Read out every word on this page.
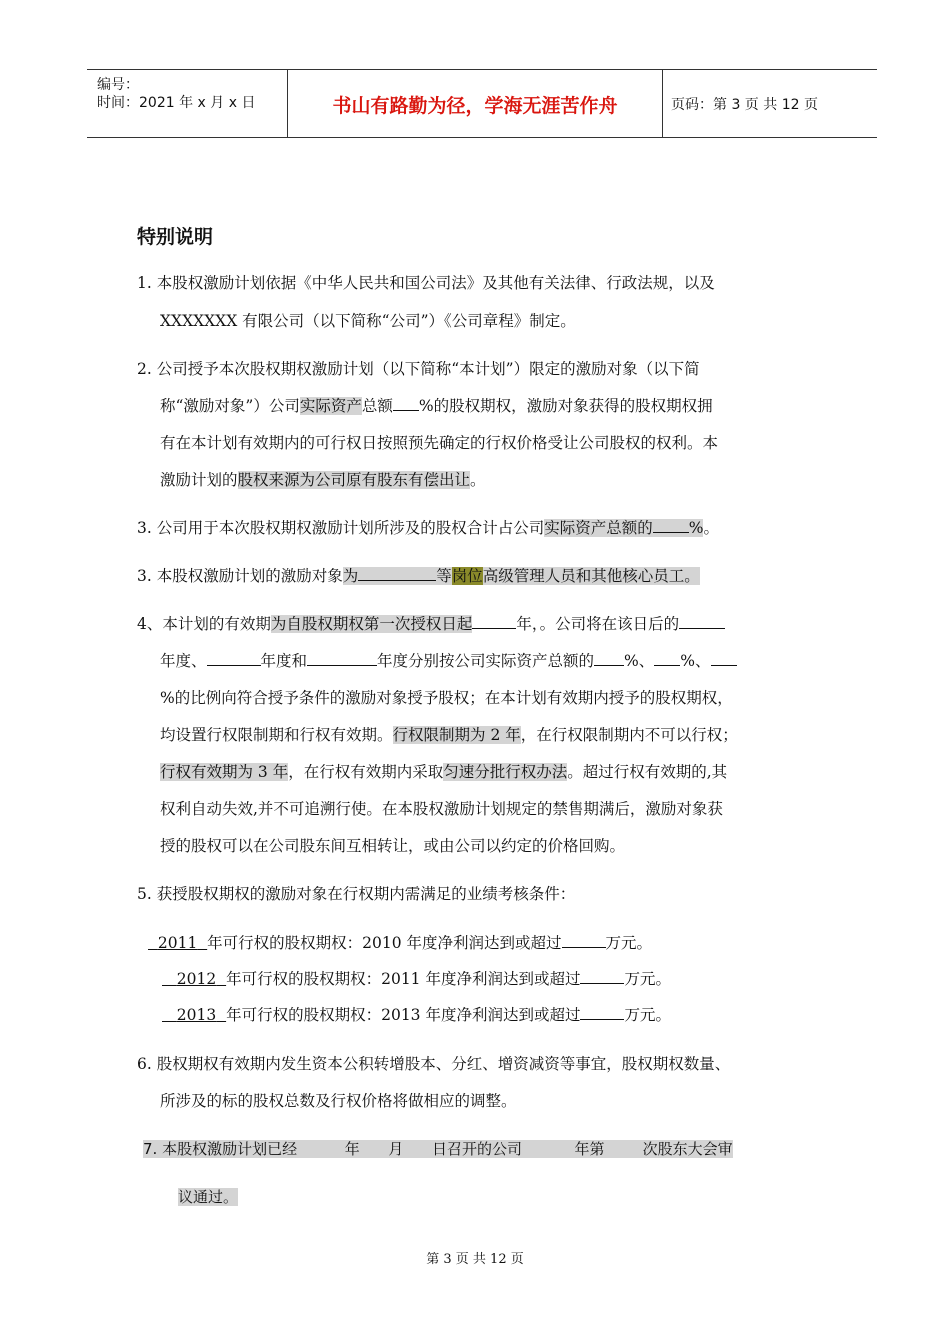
编号：
时间：2021 年 x 月 x 日	书山有路勤为径，学海无涯苦作舟	页码：第 3 页 共 12 页
特别说明
1. 本股权激励计划依据《中华人民共和国公司法》及其他有关法律、行政法规，以及
XXXXXXX 有限公司（以下简称“公司”）《公司章程》制定。
2. 公司授予本次股权期权激励计划（以下简称“本计划”）限定的激励对象（以下简
称“激励对象”）公司实际资产总额 %的股权期权，激励对象获得的股权期权拥
有在本计划有效期内的可行权日按照预先确定的行权价格受让公司股权的权利。本
激励计划的股权来源为公司原有股东有偿出让。
3. 公司用于本次股权期权激励计划所涉及的股权合计占公司实际资产总额的 %。
3. 本股权激励计划的激励对象为	等岗位高级管理人员和其他核心员工。
4、本计划的有效期为自股权期权第一次授权日起	年，。公司将在该日后的
年度、	年度和	年度分别按公司实际资产总额的 %、 %、
%的比例向符合授予条件的激励对象授予股权；在本计划有效期内授予的股权期权，
均设置行权限制期和行权有效期。行权限制期为 2 年，在行权限制期内不可以行权；
行权有效期为 3 年，在行权有效期内采取匀速分批行权办法。超过行权有效期的,其
权利自动失效,并不可追溯行使。在本股权激励计划规定的禁售期满后，激励对象获
授的股权可以在公司股东间互相转让，或由公司以约定的价格回购。
5. 获授股权期权的激励对象在行权期内需满足的业绩考核条件：
2011 年可行权的股权期权：2010 年度净利润达到或超过	万元。
2012 年可行权的股权期权：2011 年度净利润达到或超过	万元。
2013 年可行权的股权期权：2013 年度净利润达到或超过	万元。
6. 股权期权有效期内发生资本公积转增股本、分红、增资减资等事宜，股权期权数量、
所涉及的标的股权总数及行权价格将做相应的调整。
7. 本股权激励计划已经	年 月 日召开的公司	年第	次股东大会审
议通过。
第 3 页 共 12 页
